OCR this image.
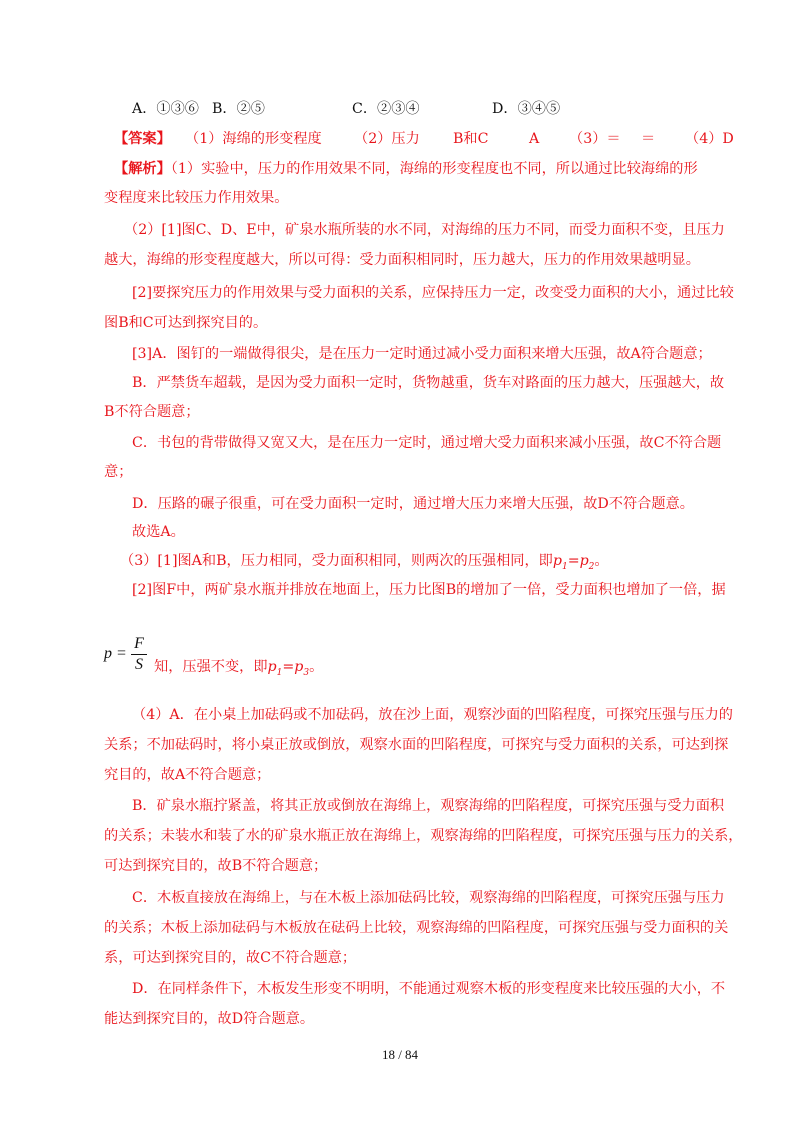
A．①③⑥ B．②⑤	C．②③④	D．③④⑤
【答案】 （1）海绵的形变程度 （2）压力 B和C	A （3）＝ ＝ （4）D
【解析】（1）实验中，压力的作用效果不同，海绵的形变程度也不同，所以通过比较海绵的形
变程度来比较压力作用效果。
（2）[1]图C、D、E中，矿泉水瓶所装的水不同，对海绵的压力不同，而受力面积不变，且压力
越大，海绵的形变程度越大，所以可得：受力面积相同时，压力越大，压力的作用效果越明显。
[2]要探究压力的作用效果与受力面积的关系，应保持压力一定，改变受力面积的大小，通过比较
图B和C可达到探究目的。
[3]A．图钉的一端做得很尖，是在压力一定时通过减小受力面积来增大压强，故A符合题意；
B．严禁货车超载，是因为受力面积一定时，货物越重，货车对路面的压力越大，压强越大，故
B不符合题意；
C．书包的背带做得又宽又大，是在压力一定时，通过增大受力面积来减小压强，故C不符合题
意；
D．压路的碾子很重，可在受力面积一定时，通过增大压力来增大压强，故D不符合题意。
故选A。
（3）[1]图A和B，压力相同，受力面积相同，则两次的压强相同，即$p_1=p_2$。
[2]图F中，两矿泉水瓶并排放在地面上，压力比图B的增加了一倍，受力面积也增加了一倍，据
p =
F
S 知，压强不变，即$p_1=p_3$。
（4）A．在小桌上加砝码或不加砝码，放在沙上面，观察沙面的凹陷程度，可探究压强与压力的
关系；不加砝码时，将小桌正放或倒放，观察水面的凹陷程度，可探究与受力面积的关系，可达到探
究目的，故A不符合题意；
B．矿泉水瓶拧紧盖，将其正放或倒放在海绵上，观察海绵的凹陷程度，可探究压强与受力面积
的关系；未装水和装了水的矿泉水瓶正放在海绵上，观察海绵的凹陷程度，可探究压强与压力的关系，
可达到探究目的，故B不符合题意；
C．木板直接放在海绵上，与在木板上添加砝码比较，观察海绵的凹陷程度，可探究压强与压力
的关系；木板上添加砝码与木板放在砝码上比较，观察海绵的凹陷程度，可探究压强与受力面积的关
系，可达到探究目的，故C不符合题意；
D．在同样条件下，木板发生形变不明明，不能通过观察木板的形变程度来比较压强的大小，不
能达到探究目的，故D符合题意。
18 / 84
